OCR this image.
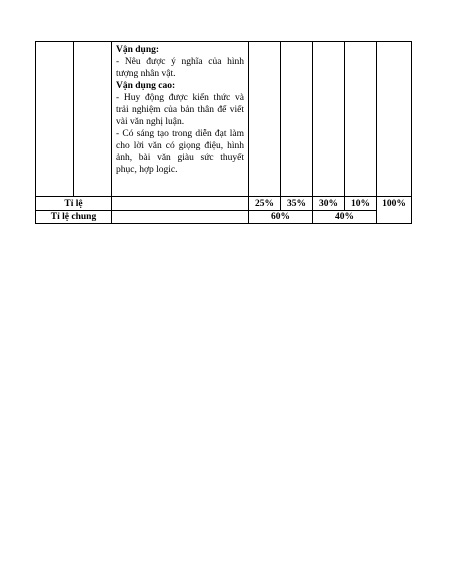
		Vận dụng:
- Nêu được ý nghĩa của hình tượng nhân vật.
Vận dụng cao:
- Huy động được kiến thức và trải nghiệm của bản thân để viết vài văn nghị luận.
- Có sáng tạo trong diễn đạt làm cho lời văn có giọng điệu, hình ảnh, bài văn giàu sức thuyết phục, hợp logic.					

Tỉ lệ			25%	35%	30%	10%	100%
Tỉ lệ chung			60%		40%		
